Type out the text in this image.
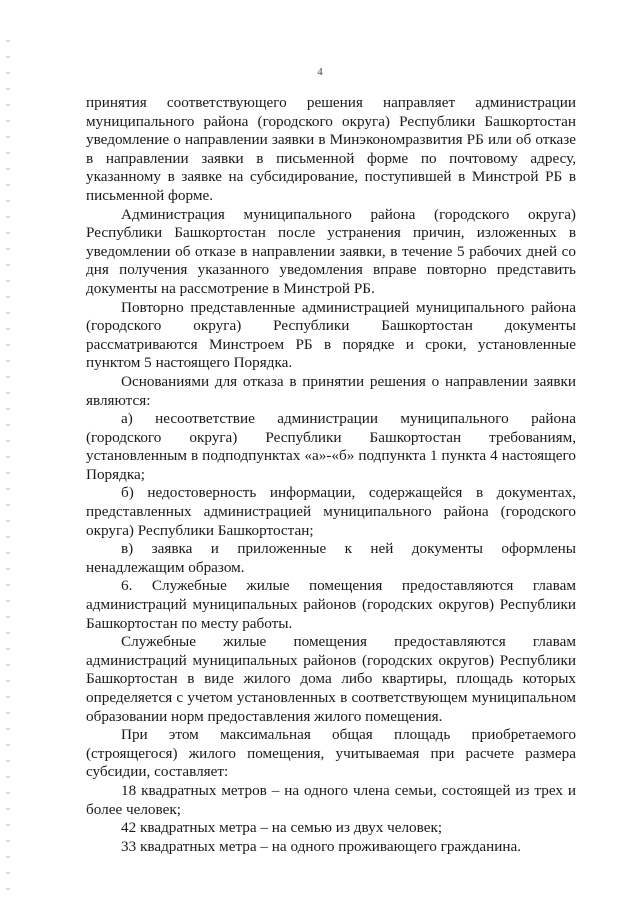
4

принятия соответствующего решения направляет администрации муниципального района (городского округа) Республики Башкортостан уведомление о направлении заявки в Минэкономразвития РБ или об отказе в направлении заявки в письменной форме по почтовому адресу, указанному в заявке на субсидирование, поступившей в Минстрой РБ в письменной форме.

Администрация муниципального района (городского округа) Республики Башкортостан после устранения причин, изложенных в уведомлении об отказе в направлении заявки, в течение 5 рабочих дней со дня получения указанного уведомления вправе повторно представить документы на рассмотрение в Минстрой РБ.

Повторно представленные администрацией муниципального района (городского округа) Республики Башкортостан документы рассматриваются Минстроем РБ в порядке и сроки, установленные пунктом 5 настоящего Порядка.

Основаниями для отказа в принятии решения о направлении заявки являются:

а) несоответствие администрации муниципального района (городского округа) Республики Башкортостан требованиям, установленным в подподпунктах «а»-«б» подпункта 1 пункта 4 настоящего Порядка;

б) недостоверность информации, содержащейся в документах, представленных администрацией муниципального района (городского округа) Республики Башкортостан;

в) заявка и приложенные к ней документы оформлены ненадлежащим образом.

6. Служебные жилые помещения предоставляются главам администраций муниципальных районов (городских округов) Республики Башкортостан по месту работы.

Служебные жилые помещения предоставляются главам администраций муниципальных районов (городских округов) Республики Башкортостан в виде жилого дома либо квартиры, площадь которых определяется с учетом установленных в соответствующем муниципальном образовании норм предоставления жилого помещения.

При этом максимальная общая площадь приобретаемого (строящегося) жилого помещения, учитываемая при расчете размера субсидии, составляет:

18 квадратных метров – на одного члена семьи, состоящей из трех и более человек;

42 квадратных метра – на семью из двух человек;

33 квадратных метра – на одного проживающего гражданина.
